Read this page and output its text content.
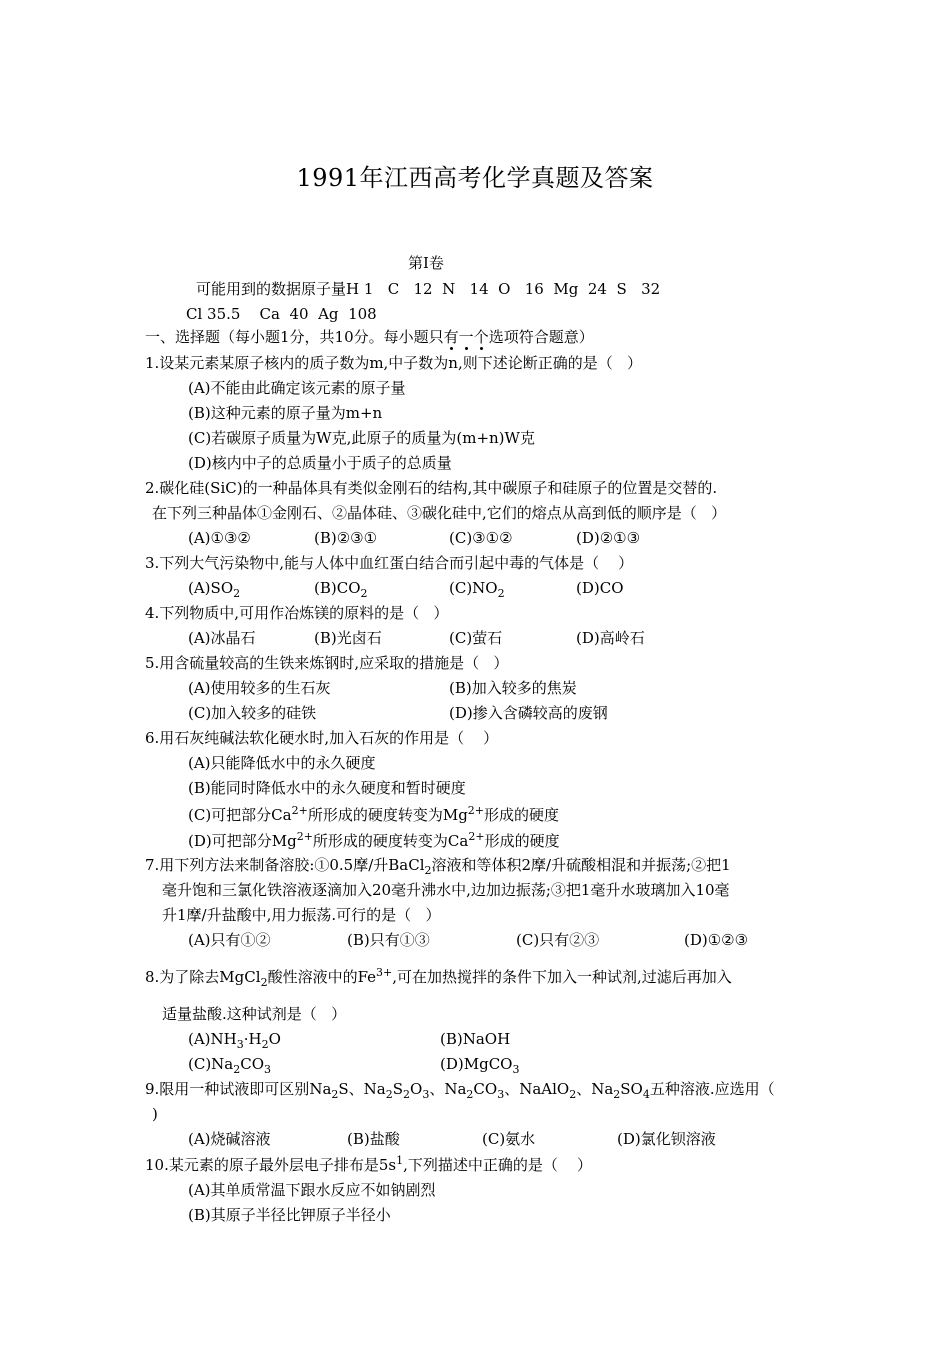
1991年江西高考化学真题及答案
第Ⅰ卷
可能用到的数据原子量H 1   C   12  N   14  O   16  Mg  24  S   32
Cl 35.5    Ca  40  Ag  108
一、选择题（每小题1分，共10分。每小题只有一个选项符合题意）
1.设某元素某原子核内的质子数为m,中子数为n,则下述论断正确的是（   ）
(A)不能由此确定该元素的原子量
(B)这种元素的原子量为m+n
(C)若碳原子质量为W克,此原子的质量为(m+n)W克
(D)核内中子的总质量小于质子的总质量
2.碳化硅(SiC)的一种晶体具有类似金刚石的结构,其中碳原子和硅原子的位置是交替的.
在下列三种晶体①金刚石、②晶体硅、③碳化硅中,它们的熔点从高到低的顺序是（   ）
(A)①③②	(B)②③①	(C)③①②	(D)②①③
3.下列大气污染物中,能与人体中血红蛋白结合而引起中毒的气体是（    ）
$(A)SO_2$	$(B)CO_2$	$(C)NO_2$	(D)CO
4.下列物质中,可用作冶炼镁的原料的是（   ）
(A)冰晶石	(B)光卤石	(C)萤石	(D)高岭石
5.用含硫量较高的生铁来炼钢时,应采取的措施是（   ）
(A)使用较多的生石灰	(B)加入较多的焦炭
(C)加入较多的硅铁	(D)掺入含磷较高的废钢
6.用石灰纯碱法软化硬水时,加入石灰的作用是（    ）
(A)只能降低水中的永久硬度
(B)能同时降低水中的永久硬度和暂时硬度
(C)可把部分$Ca^{2+}$所形成的硬度转变为$Mg^{2+}$形成的硬度
(D)可把部分$Mg^{2+}$所形成的硬度转变为$Ca^{2+}$形成的硬度
7.用下列方法来制备溶胶:①0.5摩/升BaCl$_2$溶液和等体积2摩/升硫酸相混和并振荡;②把1
毫升饱和三氯化铁溶液逐滴加入20毫升沸水中,边加边振荡;③把1毫升水玻璃加入10毫
升1摩/升盐酸中,用力振荡.可行的是（   ）
(A)只有①②	(B)只有①③	(C)只有②③	(D)①②③
8.为了除去MgCl$_2$酸性溶液中的$Fe^{3+}$,可在加热搅拌的条件下加入一种试剂,过滤后再加入
适量盐酸.这种试剂是（   ）
$(A)NH_3\cdot H_2O$	(B)NaOH
$(C)Na_2CO_3$	(D)MgCO$_3$
9.限用一种试液即可区别$Na_2S$、$Na_2S_2O_3$、$Na_2CO_3$、NaAlO$_2$、$Na_2SO_4$五种溶液.应选用（
)
(A)烧碱溶液	(B)盐酸	(C)氨水	(D)氯化钡溶液
10.某元素的原子最外层电子排布是$5s^1$,下列描述中正确的是（    ）
(A)其单质常温下跟水反应不如钠剧烈
(B)其原子半径比钾原子半径小
